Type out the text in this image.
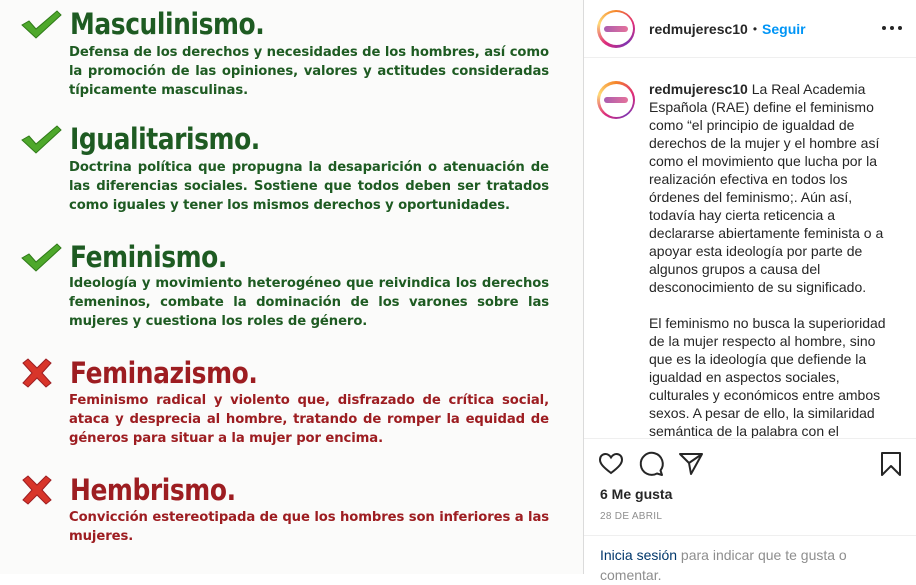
Masculinismo.
Defensa de los derechos y necesidades de los hombres, así como la promoción de las opiniones, valores y actitudes consideradas típicamente masculinas.
Igualitarismo.
Doctrina política que propugna la desaparición o atenuación de las diferencias sociales. Sostiene que todos deben ser tratados como iguales y tener los mismos derechos y oportunidades.
Feminismo.
Ideología y movimiento heterogéneo que reivindica los derechos femeninos, combate la dominación de los varones sobre las mujeres y cuestiona los roles de género.
Feminazismo.
Feminismo radical y violento que, disfrazado de crítica social, ataca y desprecia al hombre, tratando de romper la equidad de géneros para situar a la mujer por encima.
Hembrismo.
Convicción estereotipada de que los hombres son inferiores a las mujeres.
redmujeresc10 • Seguir
redmujeresc10 La Real Academia Española (RAE) define el feminismo como “el principio de igualdad de derechos de la mujer y el hombre así como el movimiento que lucha por la realización efectiva en todos los órdenes del feminismo;. Aún así, todavía hay cierta reticencia a declararse abiertamente feminista o a apoyar esta ideología por parte de algunos grupos a causa del desconocimiento de su significado.
El feminismo no busca la superioridad de la mujer respecto al hombre, sino que es la ideología que defiende la igualdad en aspectos sociales, culturales y económicos entre ambos sexos. A pesar de ello, la similaridad semántica de la palabra con el
6 Me gusta
28 DE ABRIL
Inicia sesión para indicar que te gusta o comentar.
